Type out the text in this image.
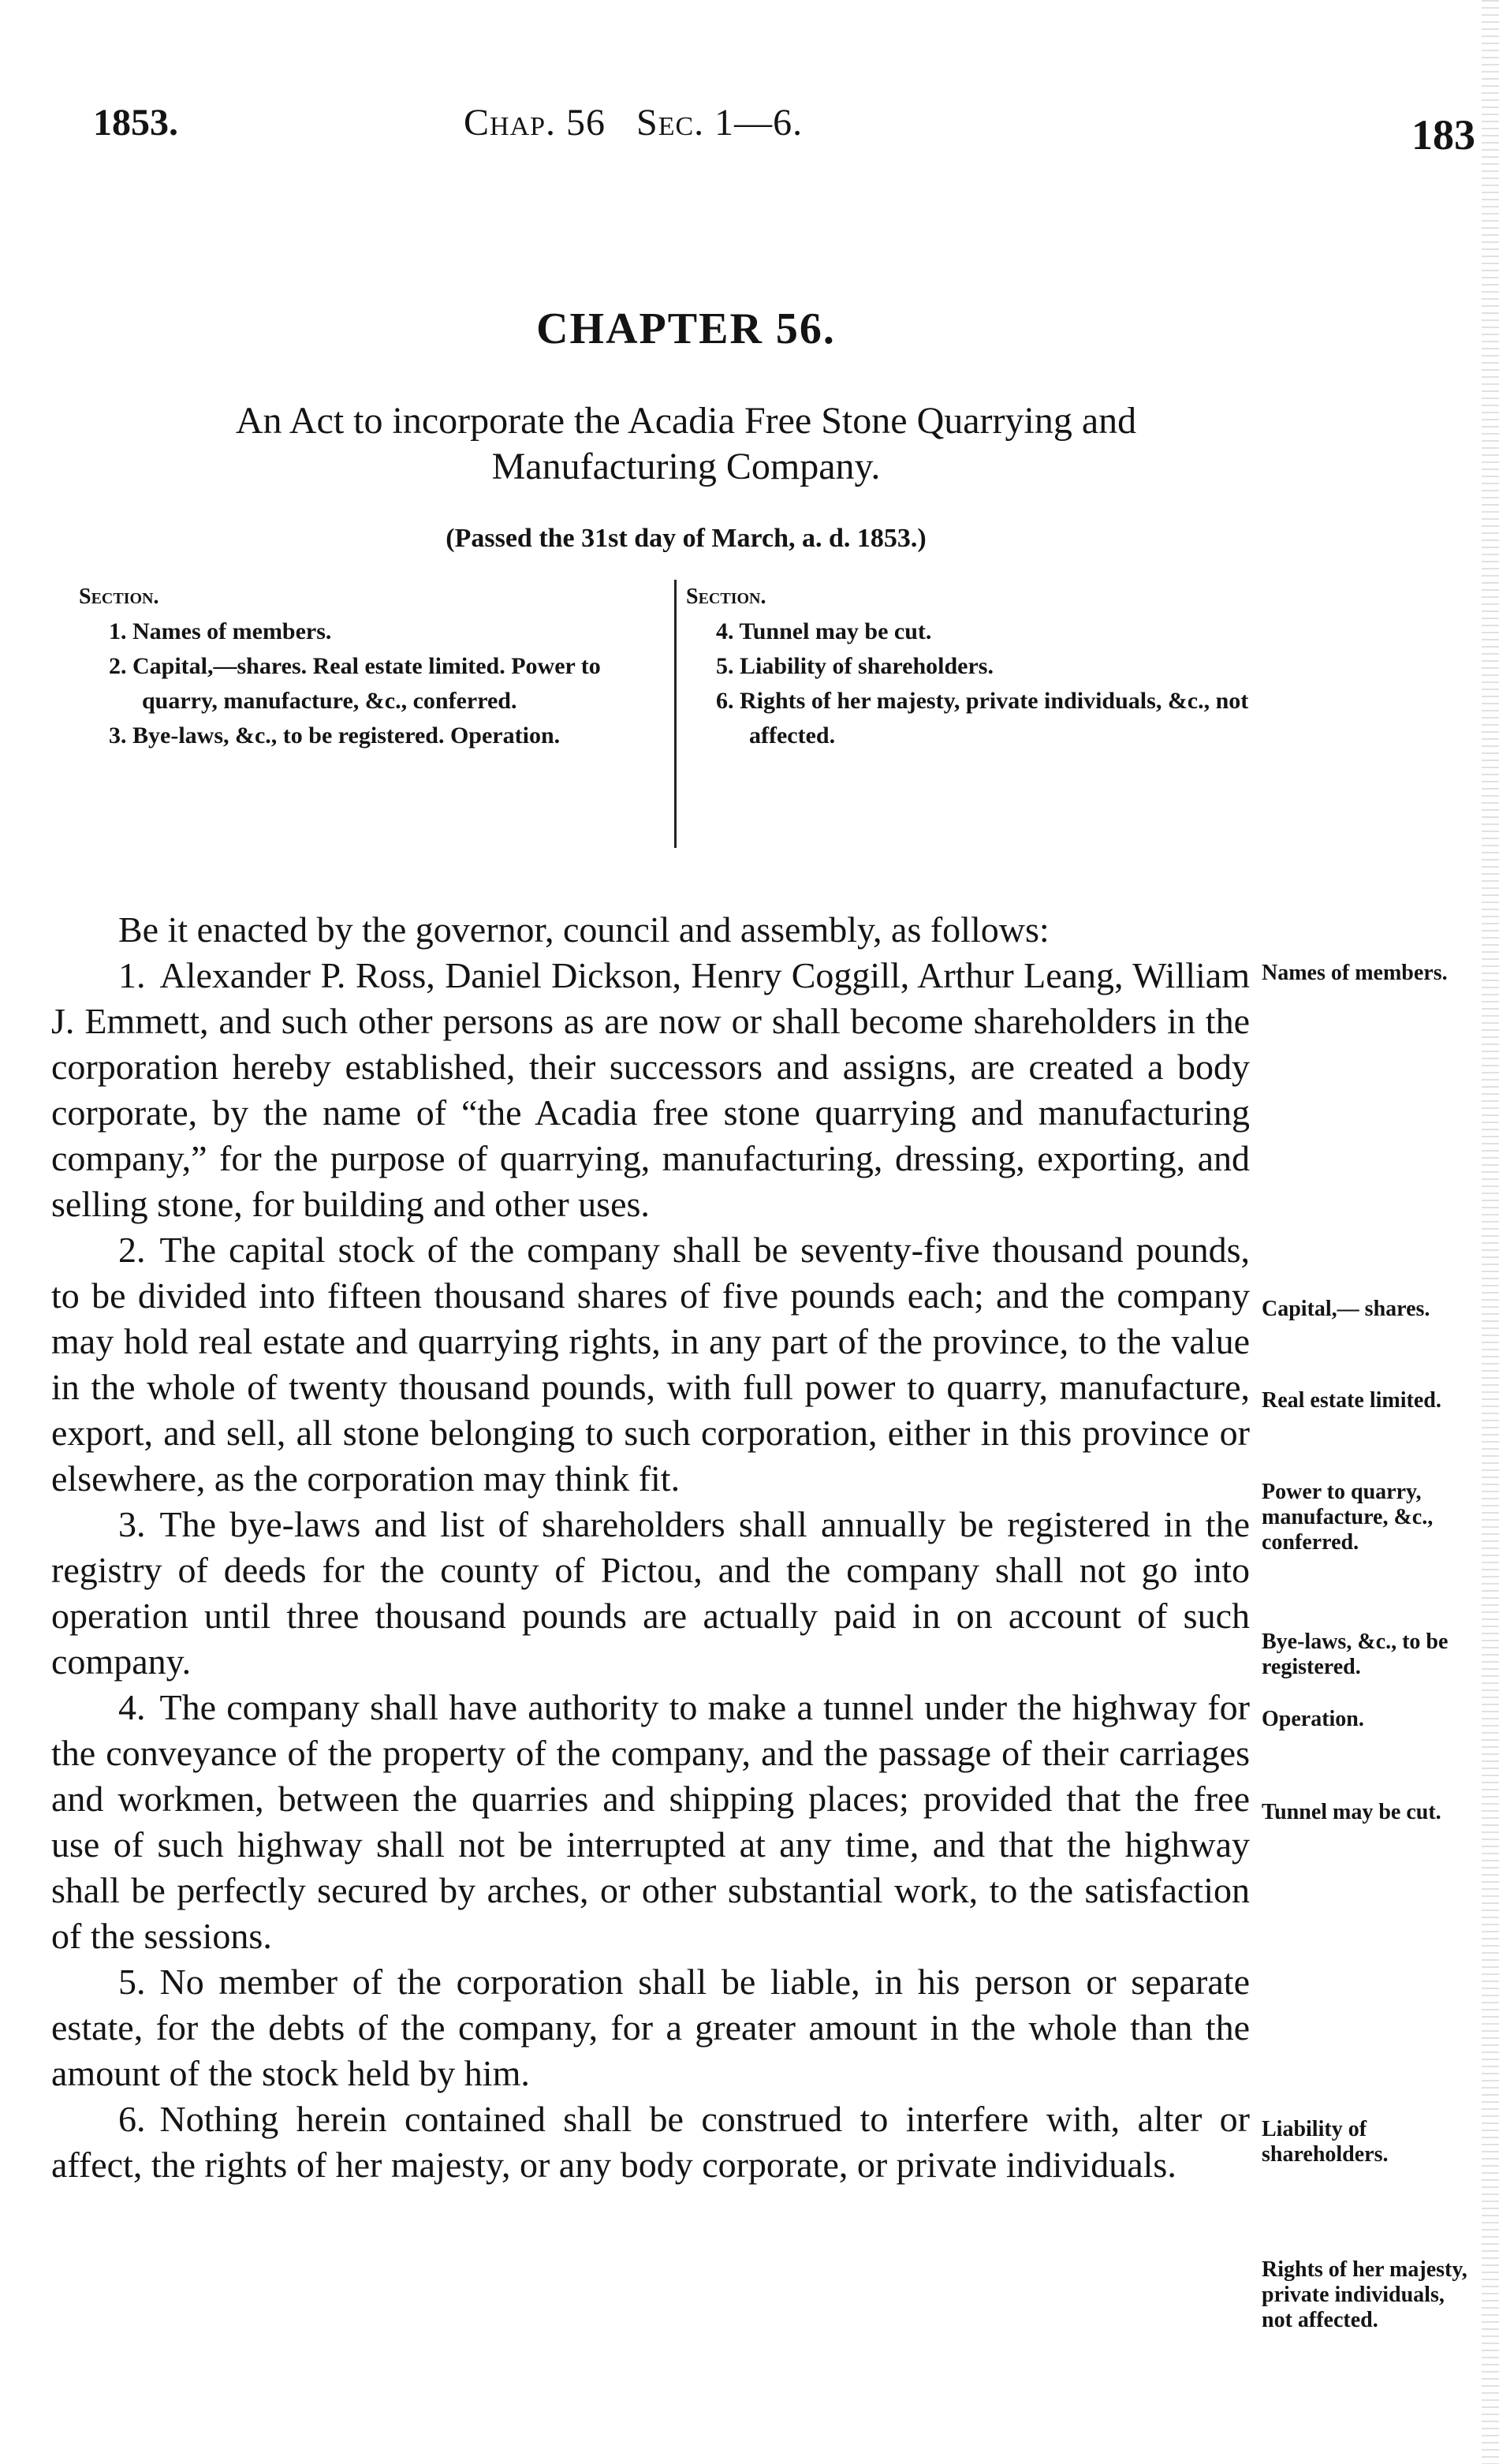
1853.	Chap. 56   Sec. 1—6.	183
CHAPTER 56.
An Act to incorporate the Acadia Free Stone Quarrying and
Manufacturing Company.
(Passed the 31st day of March, a. d. 1853.)
Section.
1. Names of members.
2. Capital,—shares. Real estate limited. Power to quarry, manufacture, &c., conferred.
3. Bye-laws, &c., to be registered. Operation.
Section.
4. Tunnel may be cut.
5. Liability of shareholders.
6. Rights of her majesty, private individuals, &c., not affected.

Be it enacted by the governor, council and assembly, as follows:

1. Alexander P. Ross, Daniel Dickson, Henry Coggill, Arthur Leang, William J. Emmett, and such other persons as are now or shall become shareholders in the corporation hereby established, their successors and assigns, are created a body corporate, by the name of “the Acadia free stone quarrying and manufacturing company,” for the purpose of quarrying, manufacturing, dressing, exporting, and selling stone, for building and other uses.

2. The capital stock of the company shall be seventy-five thousand pounds, to be divided into fifteen thousand shares of five pounds each; and the company may hold real estate and quarrying rights, in any part of the province, to the value in the whole of twenty thousand pounds, with full power to quarry, manufacture, export, and sell, all stone belonging to such corporation, either in this province or elsewhere, as the corporation may think fit.

3. The bye-laws and list of shareholders shall annually be registered in the registry of deeds for the county of Pictou, and the company shall not go into operation until three thousand pounds are actually paid in on account of such company.

4. The company shall have authority to make a tunnel under the highway for the conveyance of the property of the company, and the passage of their carriages and workmen, between the quarries and shipping places; provided that the free use of such highway shall not be interrupted at any time, and that the highway shall be perfectly secured by arches, or other substantial work, to the satisfaction of the sessions.

5. No member of the corporation shall be liable, in his person or separate estate, for the debts of the company, for a greater amount in the whole than the amount of the stock held by him.

6. Nothing herein contained shall be construed to interfere with, alter or affect, the rights of her majesty, or any body corporate, or private individuals.

Names of members.
Capital,— shares.
Real estate limited.
Power to quarry, manufacture, &c., conferred.
Bye-laws, &c., to be registered.
Operation.
Tunnel may be cut.
Liability of shareholders.
Rights of her majesty, private individuals, not affected.
